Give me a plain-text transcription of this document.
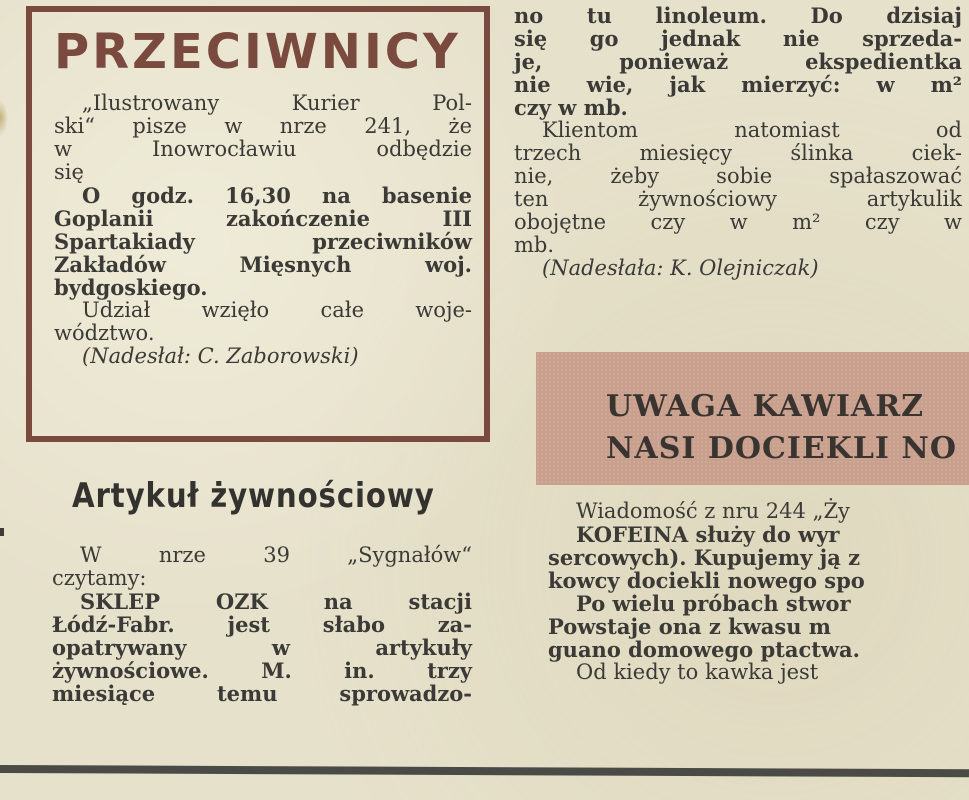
PRZECIWNICY

„Ilustrowany Kurier Pol-

ski“ pisze w nrze 241, że

w Inowrocławiu odbędzie

się

O godz. 16,30 na basenie

Goplanii zakończenie III

Spartakiady przeciwników

Zakładów Mięsnych woj.

bydgoskiego.

Udział wzięło całe woje-

wództwo.

(Nadesłał: C. Zaborowski)

no tu linoleum. Do dzisiaj

się go jednak nie sprzeda-

je, ponieważ ekspedientka

nie wie, jak mierzyć: w m²

czy w mb.

Klientom natomiast od

trzech miesięcy ślinka ciek-

nie, żeby sobie spałaszować

ten żywnościowy artykulik

obojętne czy w m² czy w

mb.

(Nadesłała: K. Olejniczak)

Artykuł żywnościowy

W nrze 39 „Sygnałów“

czytamy:

SKLEP OZK na stacji

Łódź-Fabr. jest słabo za-

opatrywany w artykuły

żywnościowe. M. in. trzy

miesiące temu sprowadzo-

UWAGA KAWIARZ
NASI DOCIEKLI NO

Wiadomość z nru 244 „Ży

KOFEINA służy do wyr

sercowych). Kupujemy ją z

kowcy dociekli nowego spo

Po wielu próbach stwor

Powstaje ona z kwasu m

guano domowego ptactwa.

Od kiedy to kawka jest
